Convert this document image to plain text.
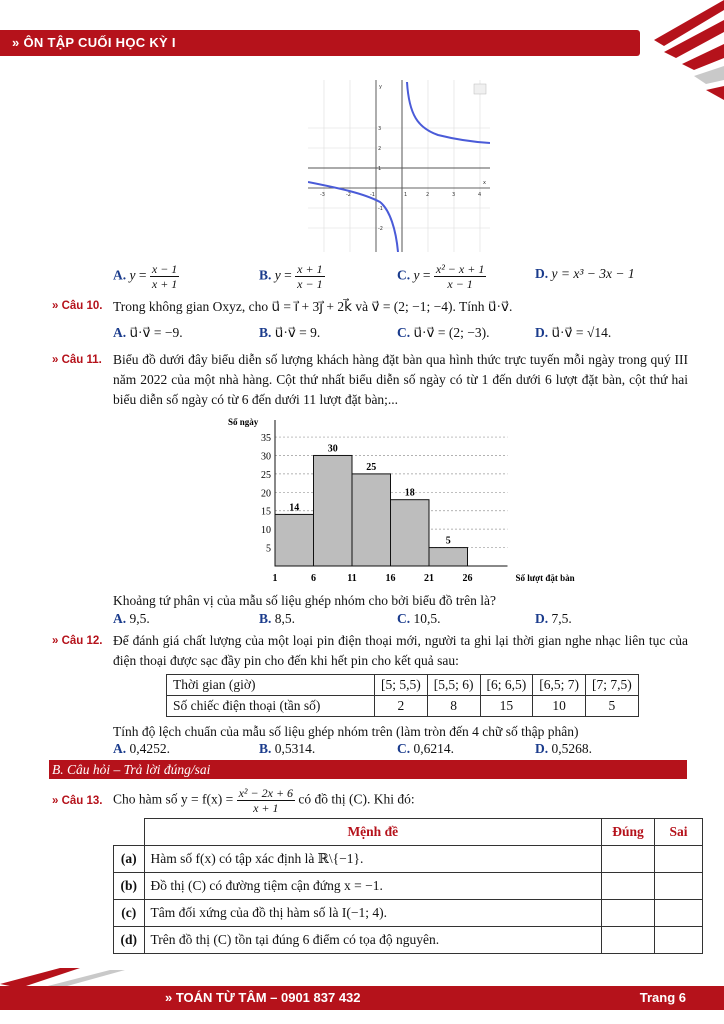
» ÔN TẬP CUỐI HỌC KỲ I
-3	-2	-1	1	2	3	4
3
2
1
-1
-2
x
y
A. $y = \frac{x - 1}{x + 1}$	B. $y = \frac{x + 1}{x - 1}$	C. $y = \frac{\text{x² − x + 1}}{x - 1}$	D. y = x³ − 3x − 1
» Câu 10. Trong không gian Oxyz, cho u⃗ = i⃗ + 3j⃗ + 2k⃗ và v⃗ = (2; −1; −4). Tính u⃗·v⃗.
A. u⃗·v⃗ = −9.	B. u⃗·v⃗ = 9.	C. u⃗·v⃗ = (2; −3).	D. u⃗·v⃗ = √14.
» Câu 11. Biểu đồ dưới đây biểu diễn số lượng khách hàng đặt bàn qua hình thức trực tuyến mỗi ngày trong quý III năm 2022 của một nhà hàng. Cột thứ nhất biểu diễn số ngày có từ 1 đến dưới 6 lượt đặt bàn, cột thứ hai biểu diễn số ngày có từ 6 đến dưới 11 lượt đặt bàn;...
5
10
15
20
25
30
35
14
30
25
18
5
1	6	11	16	21	26
Số ngày
Số lượt đặt bàn
Khoảng tứ phân vị của mẫu số liệu ghép nhóm cho bởi biểu đồ trên là?
A. 9,5.	B. 8,5.	C. 10,5.	D. 7,5.
» Câu 12. Để đánh giá chất lượng của một loại pin điện thoại mới, người ta ghi lại thời gian nghe nhạc liên tục của điện thoại được sạc đầy pin cho đến khi hết pin cho kết quả sau:
Thời gian (giờ)	[5; 5,5)	[5,5; 6)	[6; 6,5)	[6,5; 7)	[7; 7,5)
Số chiếc điện thoại (tần số)	2	8	15	10	5
Tính độ lệch chuẩn của mẫu số liệu ghép nhóm trên (làm tròn đến 4 chữ số thập phân)
A. 0,4252.	B. 0,5314.	C. 0,6214.	D. 0,5268.
B. Câu hỏi – Trả lời đúng/sai
» Câu 13. Cho hàm số $y = f(x) = \frac{\text{x² − 2x + 6}}{x + 1}$ có đồ thị (C). Khi đó:
	Mệnh đề	Đúng	Sai
(a)	Hàm số f(x) có tập xác định là ℝ\{−1}.		
(b)	Đồ thị (C) có đường tiệm cận đứng x = −1.		
(c)	Tâm đối xứng của đồ thị hàm số là I(−1; 4).		
(d)	Trên đồ thị (C) tồn tại đúng 6 điểm có tọa độ nguyên.		
» TOÁN TỪ TÂM – 0901 837 432	Trang 6
